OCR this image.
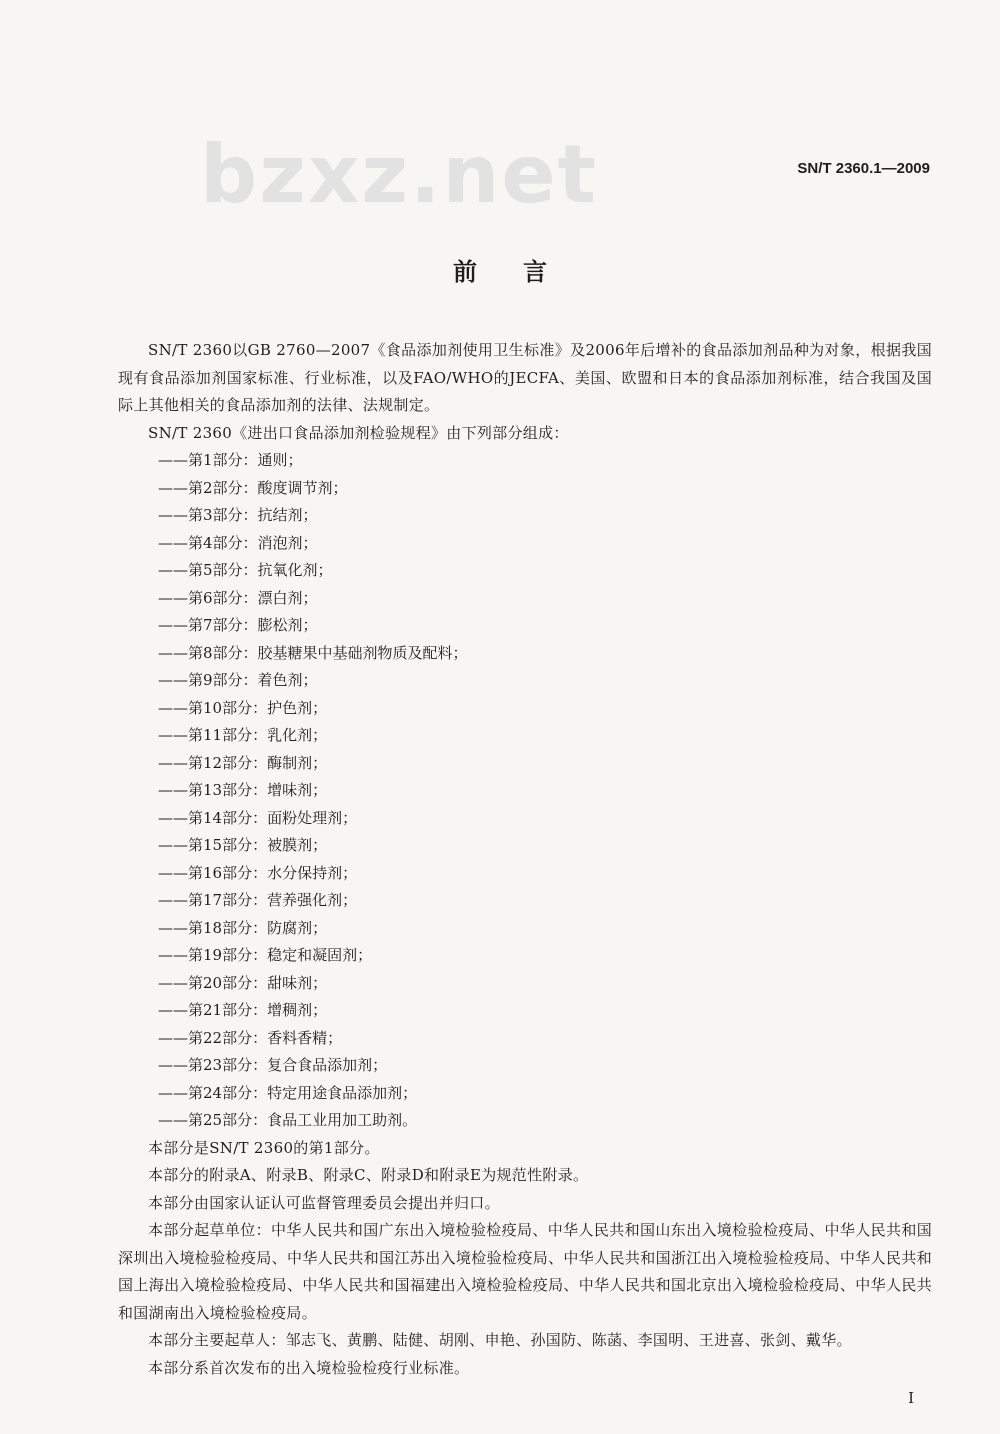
bzxz.net	SN/T 2360.1—2009
前言

SN/T 2360以GB 2760—2007《食品添加剂使用卫生标准》及2006年后增补的食品添加剂品种为对象，根据我国现有食品添加剂国家标准、行业标准，以及FAO/WHO的JECFA、美国、欧盟和日本的食品添加剂标准，结合我国及国际上其他相关的食品添加剂的法律、法规制定。

SN/T 2360《进出口食品添加剂检验规程》由下列部分组成：

——第1部分：通则；
——第2部分：酸度调节剂；
——第3部分：抗结剂；
——第4部分：消泡剂；
——第5部分：抗氧化剂；
——第6部分：漂白剂；
——第7部分：膨松剂；
——第8部分：胶基糖果中基础剂物质及配料；
——第9部分：着色剂；
——第10部分：护色剂；
——第11部分：乳化剂；
——第12部分：酶制剂；
——第13部分：增味剂；
——第14部分：面粉处理剂；
——第15部分：被膜剂；
——第16部分：水分保持剂；
——第17部分：营养强化剂；
——第18部分：防腐剂；
——第19部分：稳定和凝固剂；
——第20部分：甜味剂；
——第21部分：增稠剂；
——第22部分：香料香精；
——第23部分：复合食品添加剂；
——第24部分：特定用途食品添加剂；
——第25部分：食品工业用加工助剂。

本部分是SN/T 2360的第1部分。

本部分的附录A、附录B、附录C、附录D和附录E为规范性附录。

本部分由国家认证认可监督管理委员会提出并归口。

本部分起草单位：中华人民共和国广东出入境检验检疫局、中华人民共和国山东出入境检验检疫局、中华人民共和国深圳出入境检验检疫局、中华人民共和国江苏出入境检验检疫局、中华人民共和国浙江出入境检验检疫局、中华人民共和国上海出入境检验检疫局、中华人民共和国福建出入境检验检疫局、中华人民共和国北京出入境检验检疫局、中华人民共和国湖南出入境检验检疫局。

本部分主要起草人：邹志飞、黄鹏、陆健、胡刚、申艳、孙国防、陈菡、李国明、王进喜、张剑、戴华。

本部分系首次发布的出入境检验检疫行业标准。

I
